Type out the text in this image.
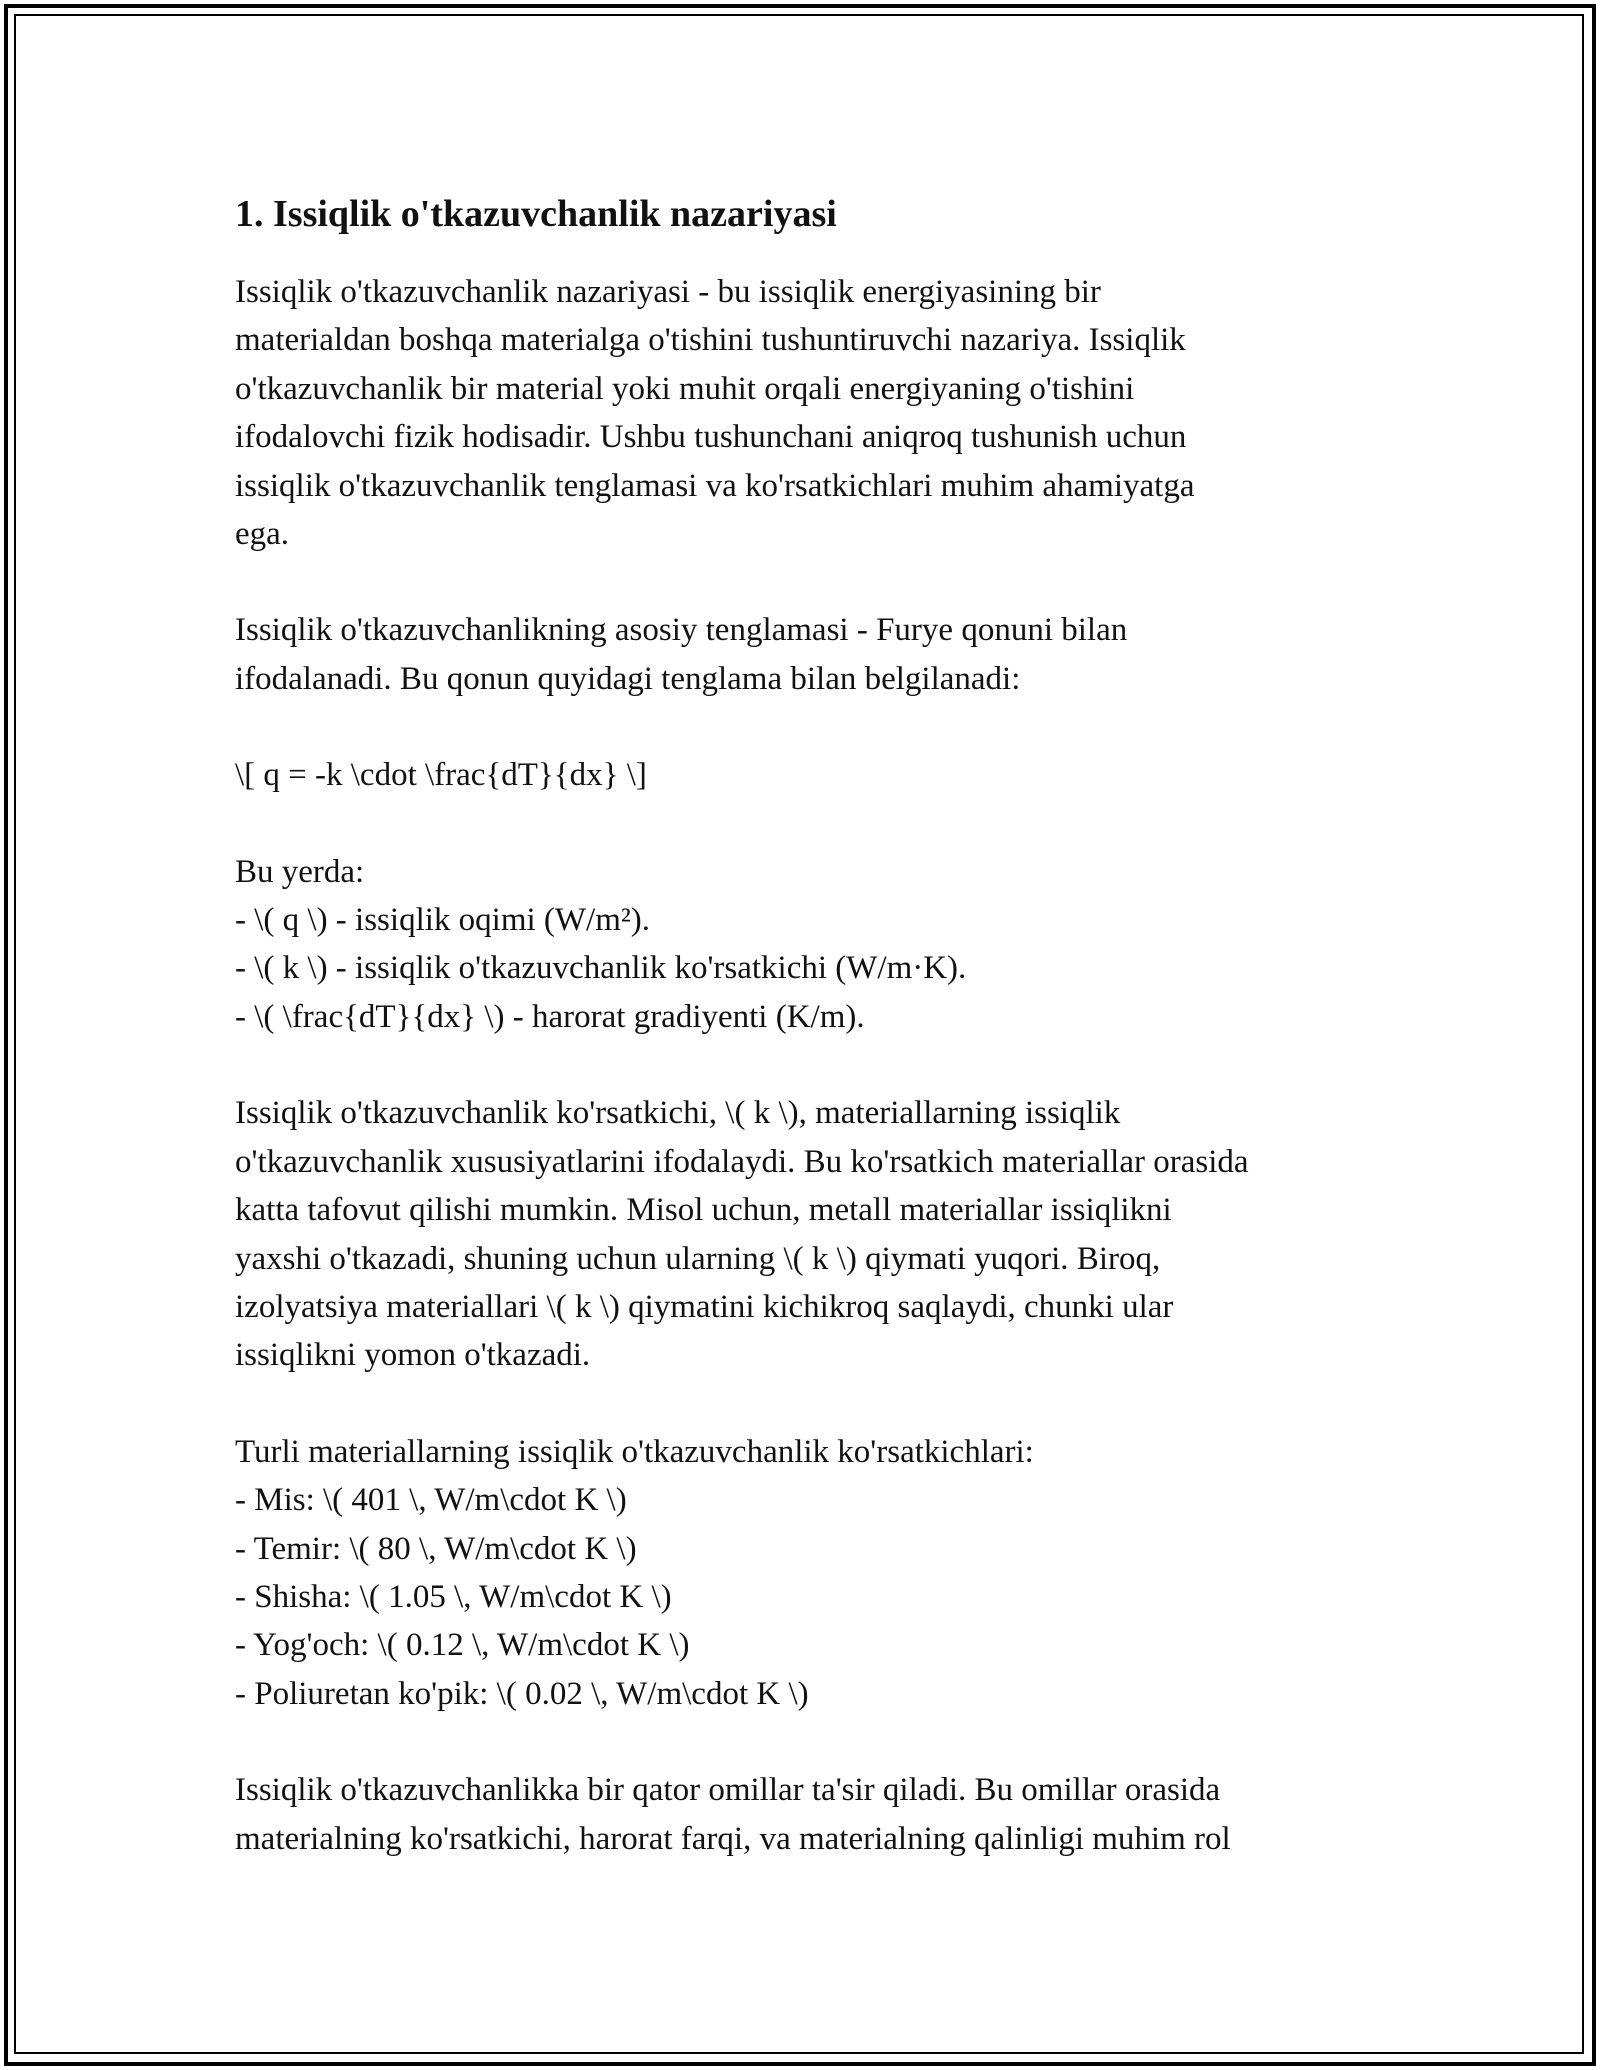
1. Issiqlik o'tkazuvchanlik nazariyasi
Issiqlik o'tkazuvchanlik nazariyasi - bu issiqlik energiyasining bir
materialdan boshqa materialga o'tishini tushuntiruvchi nazariya. Issiqlik
o'tkazuvchanlik bir material yoki muhit orqali energiyaning o'tishini
ifodalovchi fizik hodisadir. Ushbu tushunchani aniqroq tushunish uchun
issiqlik o'tkazuvchanlik tenglamasi va ko'rsatkichlari muhim ahamiyatga
ega.
Issiqlik o'tkazuvchanlikning asosiy tenglamasi - Furye qonuni bilan
ifodalanadi. Bu qonun quyidagi tenglama bilan belgilanadi:
\[ q = -k \cdot \frac{dT}{dx} \]
Bu yerda:
- \( q \) - issiqlik oqimi (W/m²).
- \( k \) - issiqlik o'tkazuvchanlik ko'rsatkichi (W/m·K).
- \( \frac{dT}{dx} \) - harorat gradiyenti (K/m).
Issiqlik o'tkazuvchanlik ko'rsatkichi, \( k \), materiallarning issiqlik
o'tkazuvchanlik xususiyatlarini ifodalaydi. Bu ko'rsatkich materiallar orasida
katta tafovut qilishi mumkin. Misol uchun, metall materiallar issiqlikni
yaxshi o'tkazadi, shuning uchun ularning \( k \) qiymati yuqori. Biroq,
izolyatsiya materiallari \( k \) qiymatini kichikroq saqlaydi, chunki ular
issiqlikni yomon o'tkazadi.
Turli materiallarning issiqlik o'tkazuvchanlik ko'rsatkichlari:
- Mis: \( 401 \, W/m\cdot K \)
- Temir: \( 80 \, W/m\cdot K \)
- Shisha: \( 1.05 \, W/m\cdot K \)
- Yog'och: \( 0.12 \, W/m\cdot K \)
- Poliuretan ko'pik: \( 0.02 \, W/m\cdot K \)
Issiqlik o'tkazuvchanlikka bir qator omillar ta'sir qiladi. Bu omillar orasida
materialning ko'rsatkichi, harorat farqi, va materialning qalinligi muhim rol
